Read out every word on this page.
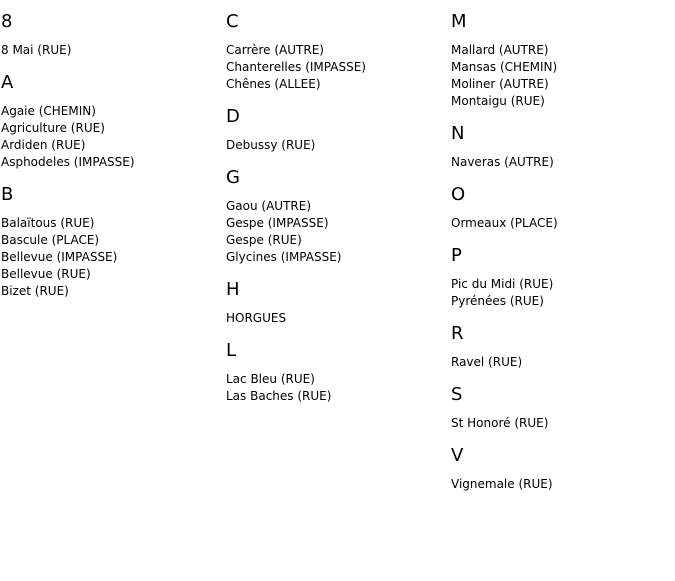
8
8 Mai (RUE)
A
Agaie (CHEMIN)
Agriculture (RUE)
Ardiden (RUE)
Asphodeles (IMPASSE)
B
Balaïtous (RUE)
Bascule (PLACE)
Bellevue (IMPASSE)
Bellevue (RUE)
Bizet (RUE)
C
Carrère (AUTRE)
Chanterelles (IMPASSE)
Chênes (ALLEE)
D
Debussy (RUE)
G
Gaou (AUTRE)
Gespe (IMPASSE)
Gespe (RUE)
Glycines (IMPASSE)
H
HORGUES
L
Lac Bleu (RUE)
Las Baches (RUE)
M
Mallard (AUTRE)
Mansas (CHEMIN)
Moliner (AUTRE)
Montaigu (RUE)
N
Naveras (AUTRE)
O
Ormeaux (PLACE)
P
Pic du Midi (RUE)
Pyrénées (RUE)
R
Ravel (RUE)
S
St Honoré (RUE)
V
Vignemale (RUE)
